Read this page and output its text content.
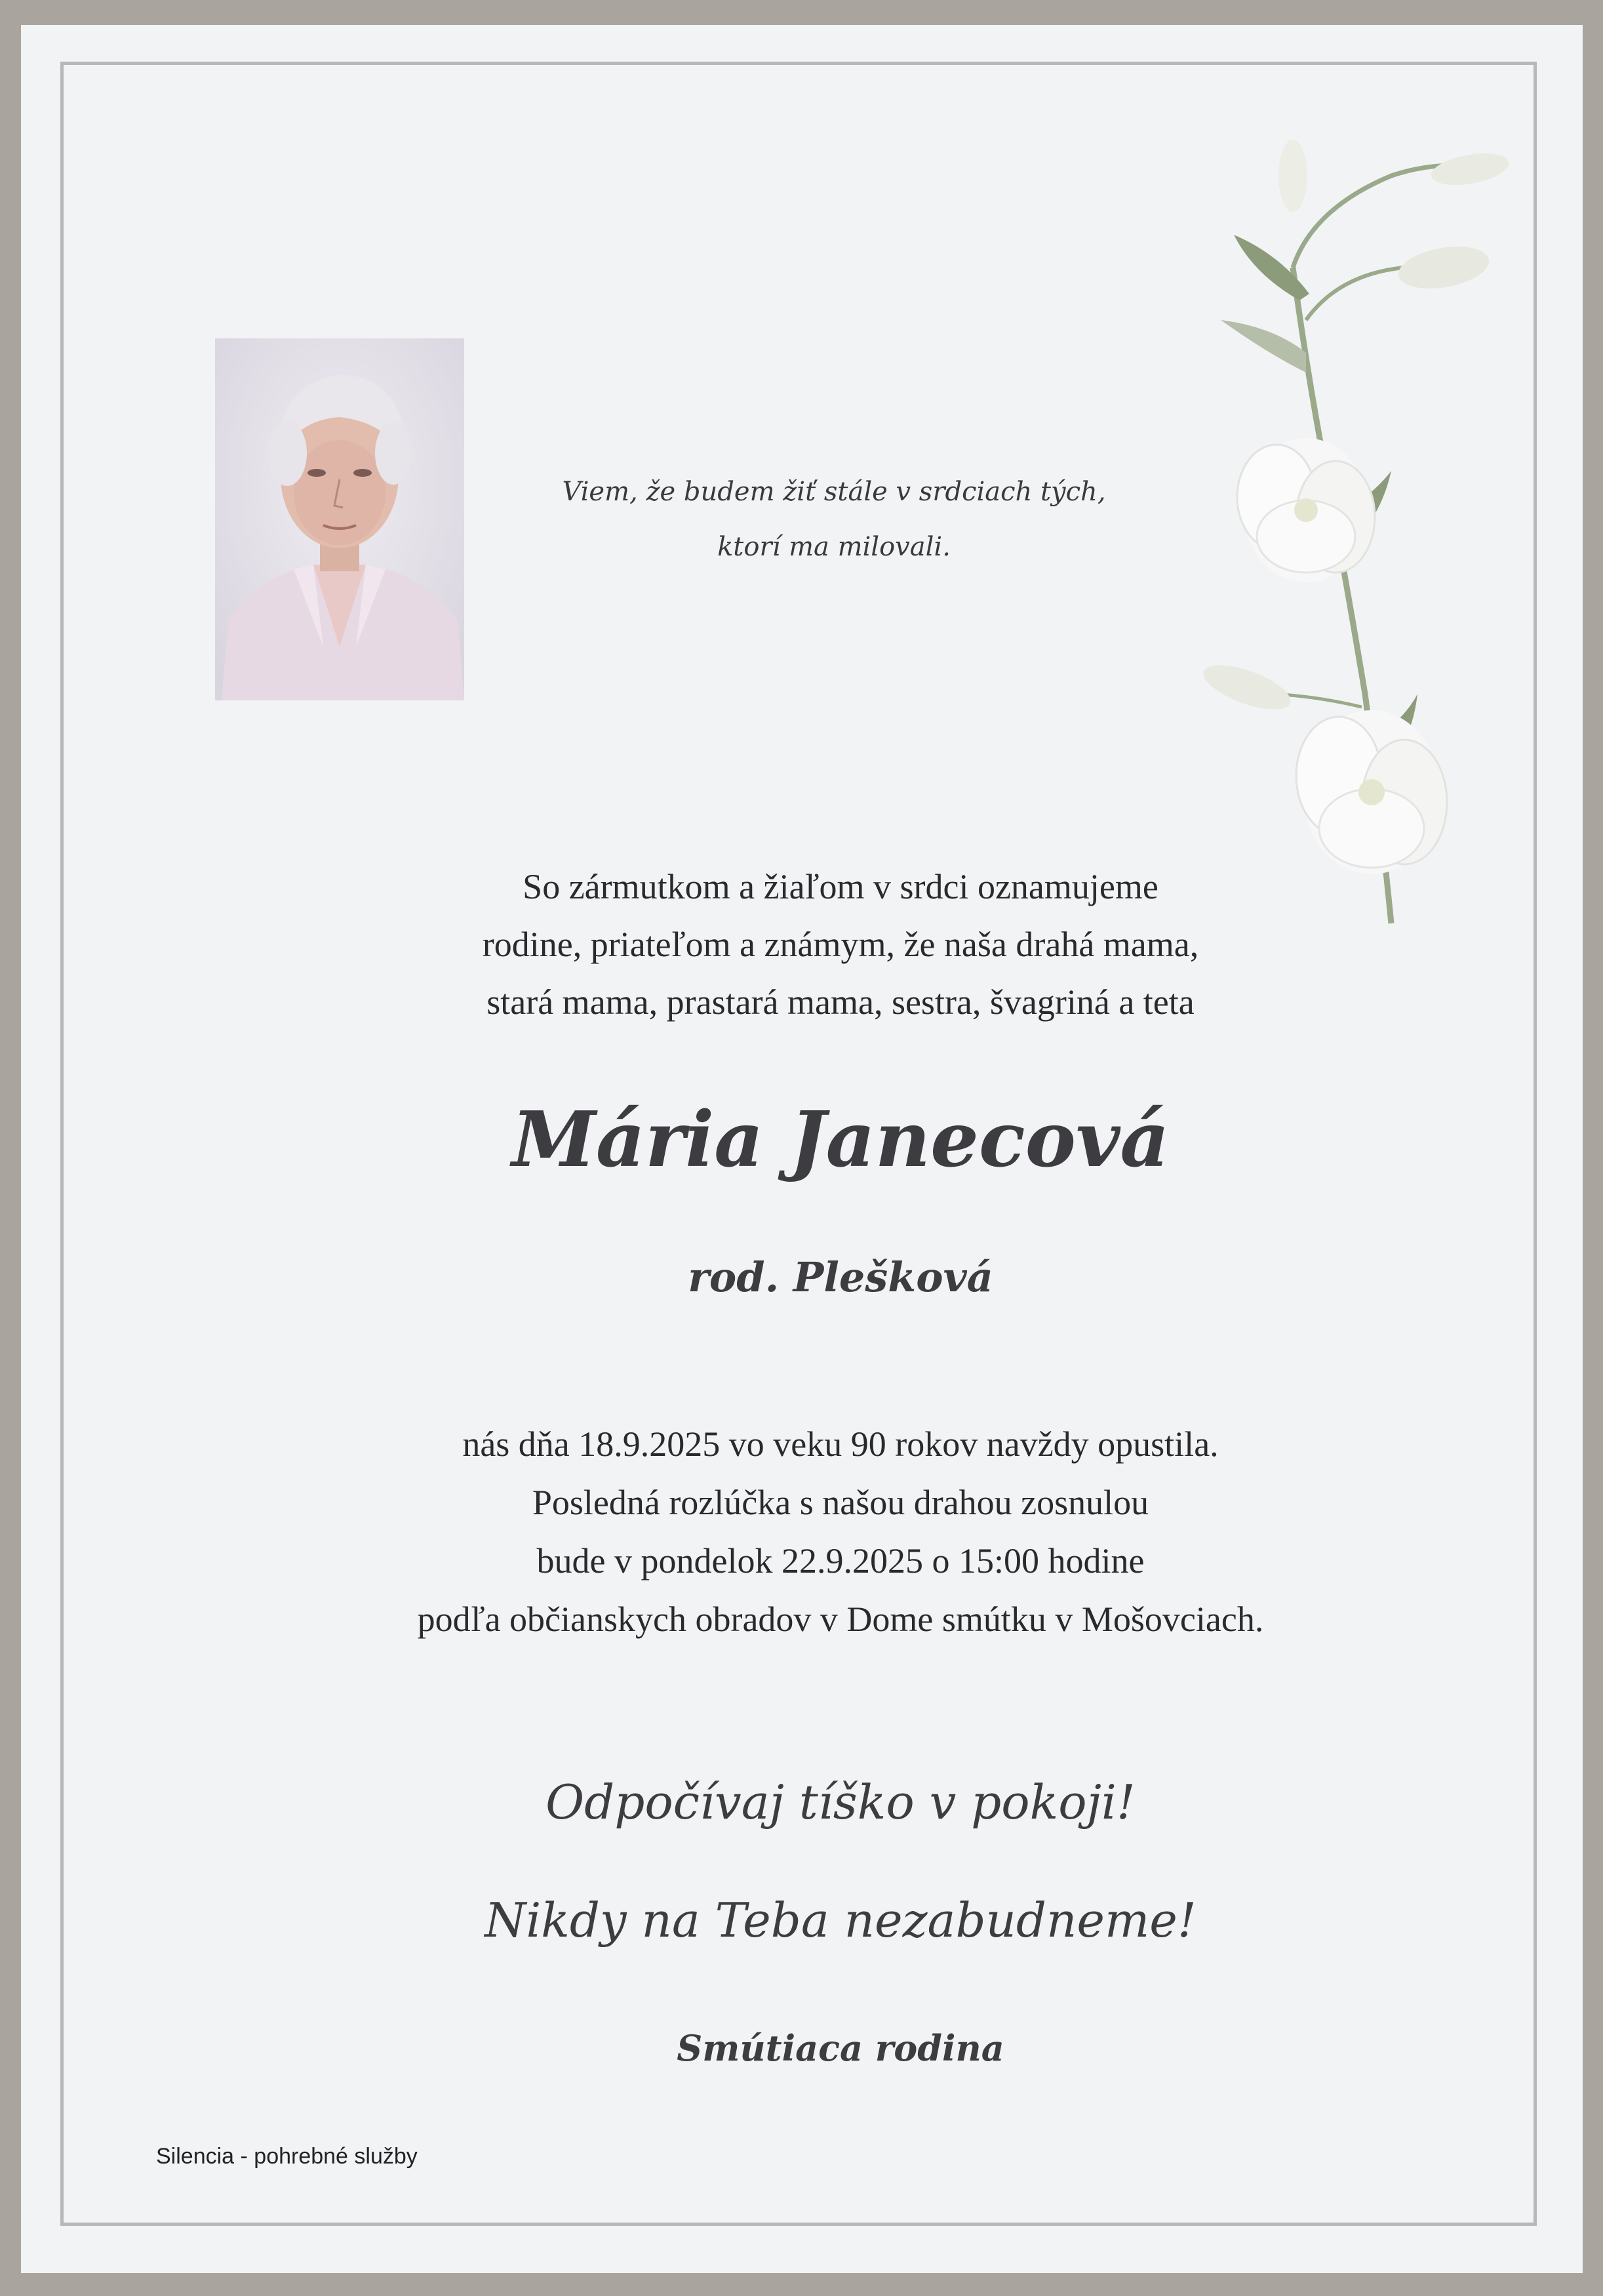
Viem, že budem žiť stále v srdciach tých,
ktorí ma milovali.
So zármutkom a žiaľom v srdci oznamujeme
rodine, priateľom a známym, že naša drahá mama,
stará mama, prastará mama, sestra, švagriná a teta
Mária Janecová
rod. Plešková
nás dňa 18.9.2025 vo veku 90 rokov navždy opustila.
Posledná rozlúčka s našou drahou zosnulou
bude v pondelok 22.9.2025 o 15:00 hodine
podľa občianskych obradov v Dome smútku v Mošovciach.
Odpočívaj tíško v pokoji!
Nikdy na Teba nezabudneme!
Smútiaca rodina
Silencia - pohrebné služby
